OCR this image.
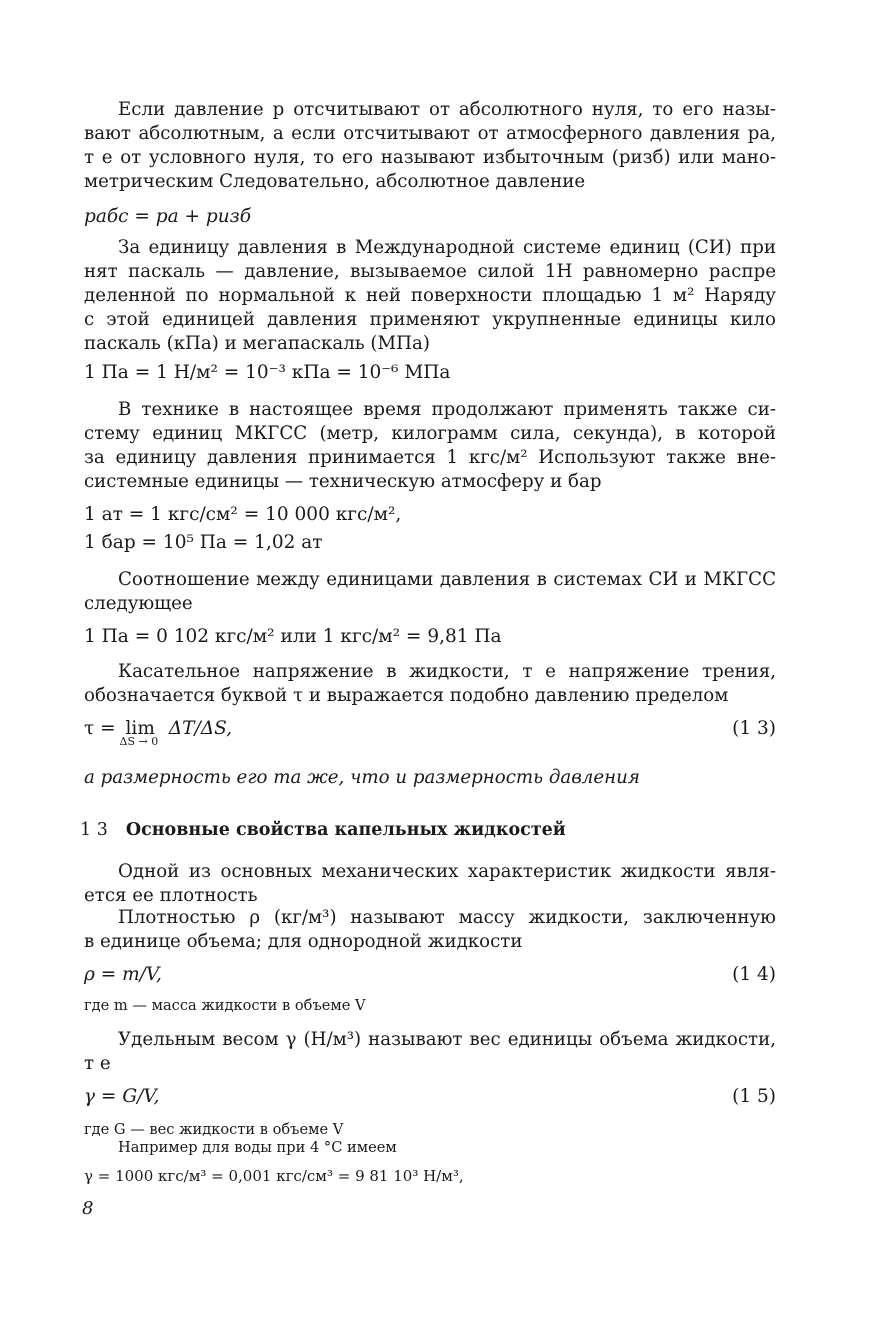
Если давление p отсчитывают от абсолютного нуля, то его назы-
вают абсолютным, а если отсчитывают от атмосферного давления pa,
т е от условного нуля, то его называют избыточным (pизб) или мано-
метрическим Следовательно, абсолютное давление
pабс = pa + pизб
За единицу давления в Международной системе единиц (СИ) при
нят паскаль — давление, вызываемое силой 1Н равномерно распре
деленной по нормальной к ней поверхности площадью 1 м² Наряду
с этой единицей давления применяют укрупненные единицы кило
паскаль (кПа) и мегапаскаль (МПа)
1 Па = 1 Н/м² = 10⁻³ кПа = 10⁻⁶ МПа
В технике в настоящее время продолжают применять также си-
стему единиц МКГСС (метр, килограмм сила, секунда), в которой
за единицу давления принимается 1 кгс/м² Используют также вне-
системные единицы — техническую атмосферу и бар
1 ат = 1 кгс/см² = 10 000 кгс/м²,
1 бар = 10⁵ Па = 1,02 ат
Соотношение между единицами давления в системах СИ и МКГСС
следующее
1 Па = 0 102 кгс/м² или 1 кгс/м² = 9,81 Па
Касательное напряжение в жидкости, т е напряжение трения,
обозначается буквой τ и выражается подобно давлению пределом
τ = lim
ΔS → 0
ΔT/ΔS,	(1 3)
а размерность его та же, что и размерность давления
1 3 Основные свойства капельных жидкостей
Одной из основных механических характеристик жидкости явля-
ется ее плотность
Плотностью ρ (кг/м³) называют массу жидкости, заключенную
в единице объема; для однородной жидкости
ρ = m/V,	(1 4)
где m — масса жидкости в объеме V
Удельным весом γ (Н/м³) называют вес единицы объема жидкости,
т е
γ = G/V,	(1 5)
где G — вес жидкости в объеме V
Например для воды при 4 °С имеем
γ = 1000 кгс/м³ = 0,001 кгс/см³ = 9 81 10³ Н/м³,
8
